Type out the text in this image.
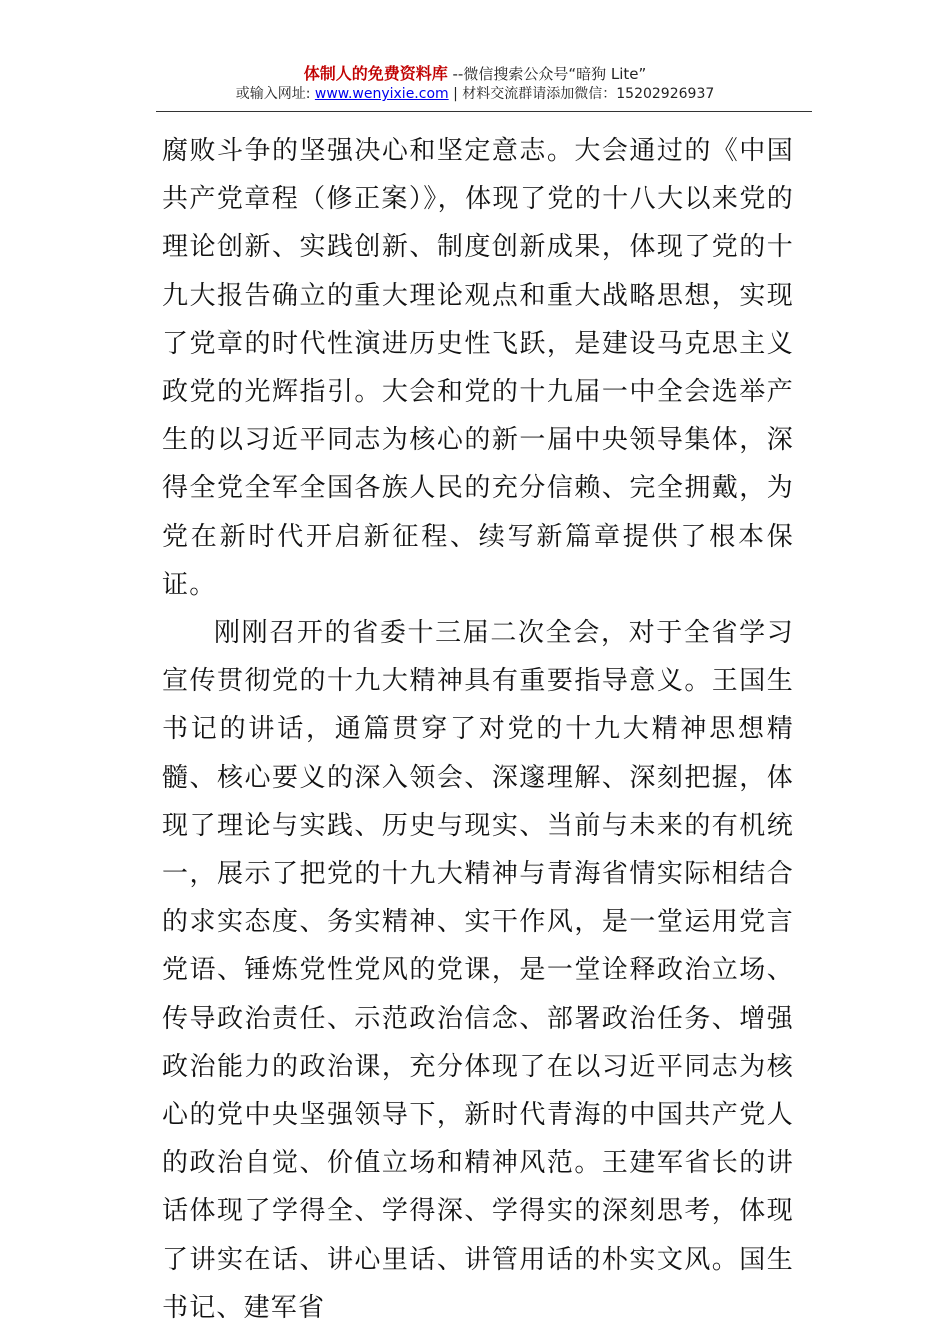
体制人的免费资料库 --微信搜索公众号“暗狗 Lite”
或输入网址: www.wenyixie.com | 材料交流群请添加微信：15202926937

腐败斗争的坚强决心和坚定意志。大会通过的《中国共产党章程（修正案）》，体现了党的十八大以来党的理论创新、实践创新、制度创新成果，体现了党的十九大报告确立的重大理论观点和重大战略思想，实现了党章的时代性演进历史性飞跃，是建设马克思主义政党的光辉指引。大会和党的十九届一中全会选举产生的以习近平同志为核心的新一届中央领导集体，深得全党全军全国各族人民的充分信赖、完全拥戴，为党在新时代开启新征程、续写新篇章提供了根本保证。

刚刚召开的省委十三届二次全会，对于全省学习宣传贯彻党的十九大精神具有重要指导意义。王国生书记的讲话，通篇贯穿了对党的十九大精神思想精髓、核心要义的深入领会、深邃理解、深刻把握，体现了理论与实践、历史与现实、当前与未来的有机统一，展示了把党的十九大精神与青海省情实际相结合的求实态度、务实精神、实干作风，是一堂运用党言党语、锤炼党性党风的党课，是一堂诠释政治立场、传导政治责任、示范政治信念、部署政治任务、增强政治能力的政治课，充分体现了在以习近平同志为核心的党中央坚强领导下，新时代青海的中国共产党人的政治自觉、价值立场和精神风范。王建军省长的讲话体现了学得全、学得深、学得实的深刻思考，体现了讲实在话、讲心里话、讲管用话的朴实文风。国生书记、建军省
